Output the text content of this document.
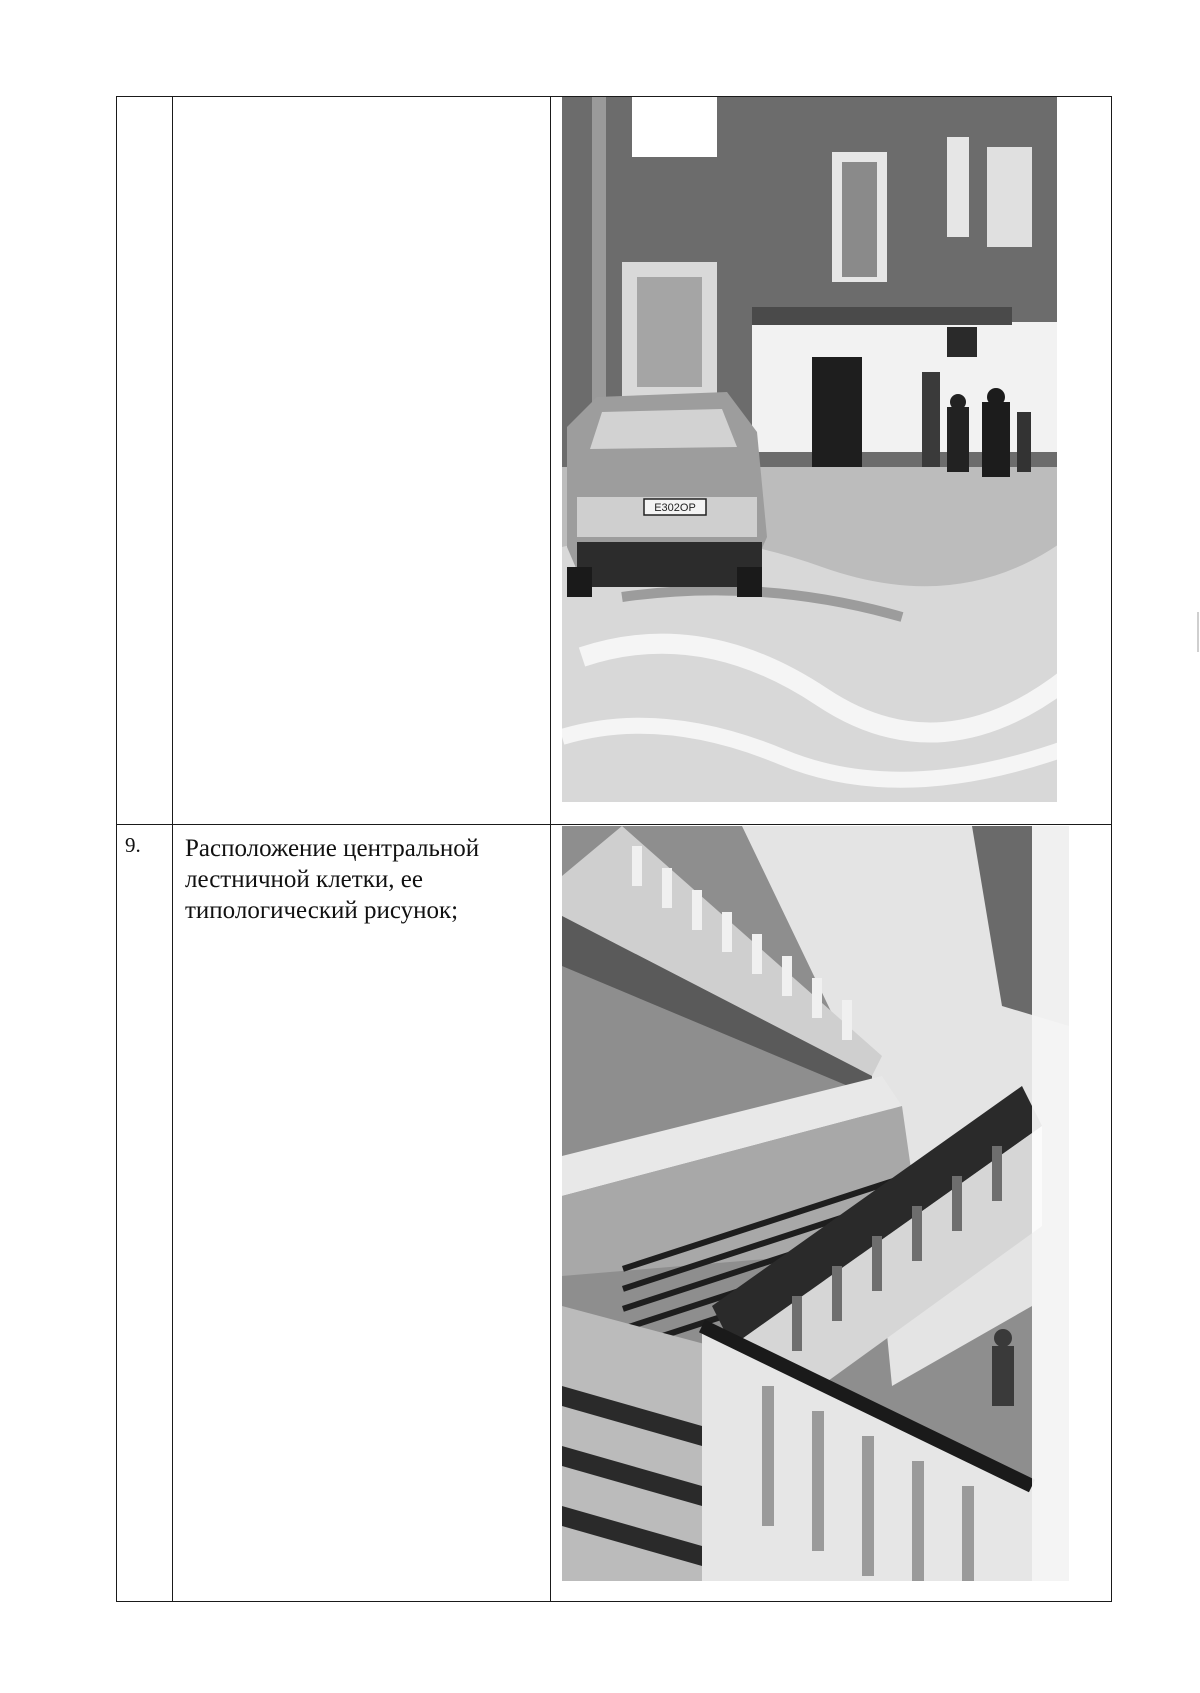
E302OP

9.	Расположение центральной лестничной клетки, ее типологический рисунок;
